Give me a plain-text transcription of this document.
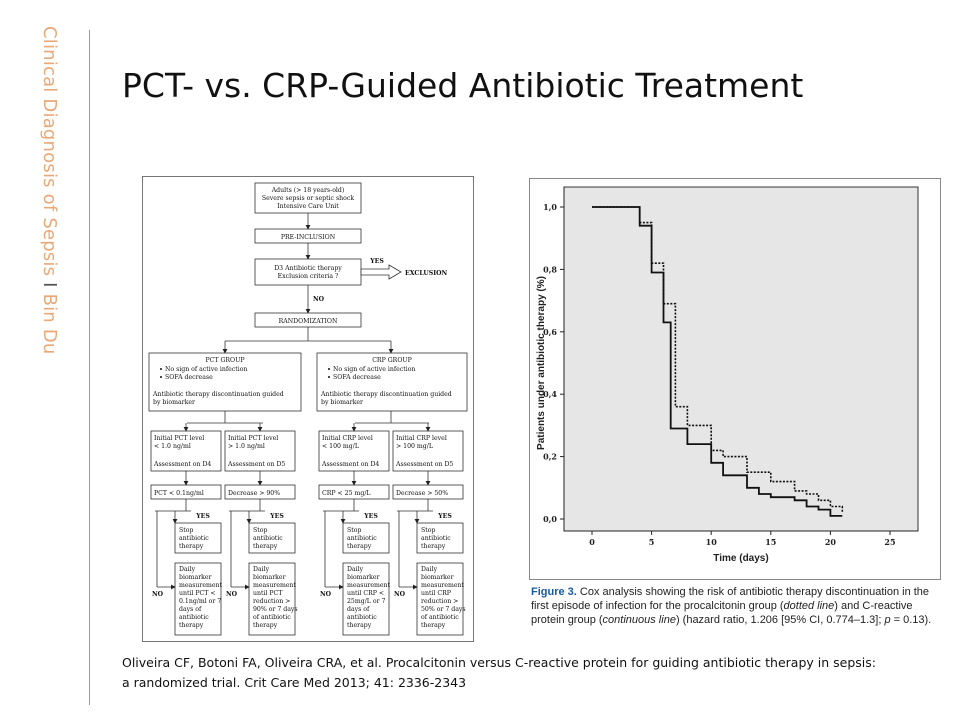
Clinical Diagnosis of Sepsis I Bin Du
PCT- vs. CRP-Guided Antibiotic Treatment
Adults (> 18 years-old)
Severe sepsis or septic shock
Intensive Care Unit
PRE-INCLUSION
D3 Antibiotic therapy
Exclusion criteria ?
YES
EXCLUSION
NO
RANDOMIZATION
PCT GROUP
No sign of active infection
SOFA decrease
Antibiotic therapy discontinuation guided
by biomarker
CRP GROUP
No sign of active infection
SOFA decrease
Antibiotic therapy discontinuation guided
by biomarker
Initial PCT level
< 1.0 ng/ml
Assessment on D4
PCT < 0.1ng/ml
YES
NO
Stop
antibiotic
therapy
Daily
biomarker
measurement
until PCT <
0.1ng/ml or 7
days of
antibiotic
therapy
Initial PCT level
> 1.0 ng/ml
Assessment on D5
Decrease > 90%
YES
NO
Stop
antibiotic
therapy
Daily
biomarker
measurement
until PCT
reduction >
90% or 7 days
of antibiotic
therapy
Initial CRP level
< 100 mg/L
Assessment on D4
CRP < 25 mg/L
YES
NO
Stop
antibiotic
therapy
Daily
biomarker
measurement
until CRP <
25mg/L or 7
days of
antibiotic
therapy
Initial CRP level
> 100 mg/L
Assessment on D5
Decrease > 50%
YES
NO
Stop
antibiotic
therapy
Daily
biomarker
measurement
until CRP
reduction >
50% or 7 days
of antibiotic
therapy
0	5	10	15	20	25
0,0
0,2
0,4
0,6
0,8
1,0
Time (days)
Patients under antibiotic therapy (%)
Figure 3. Cox analysis showing the risk of antibiotic therapy discontinuation in the first episode of infection for the procalcitonin group (dotted line) and C-reactive protein group (continuous line) (hazard ratio, 1.206 [95% CI, 0.774–1.3]; p = 0.13).
Oliveira CF, Botoni FA, Oliveira CRA, et al. Procalcitonin versus C-reactive protein for guiding antibiotic therapy in sepsis:
a randomized trial. Crit Care Med 2013; 41: 2336-2343
